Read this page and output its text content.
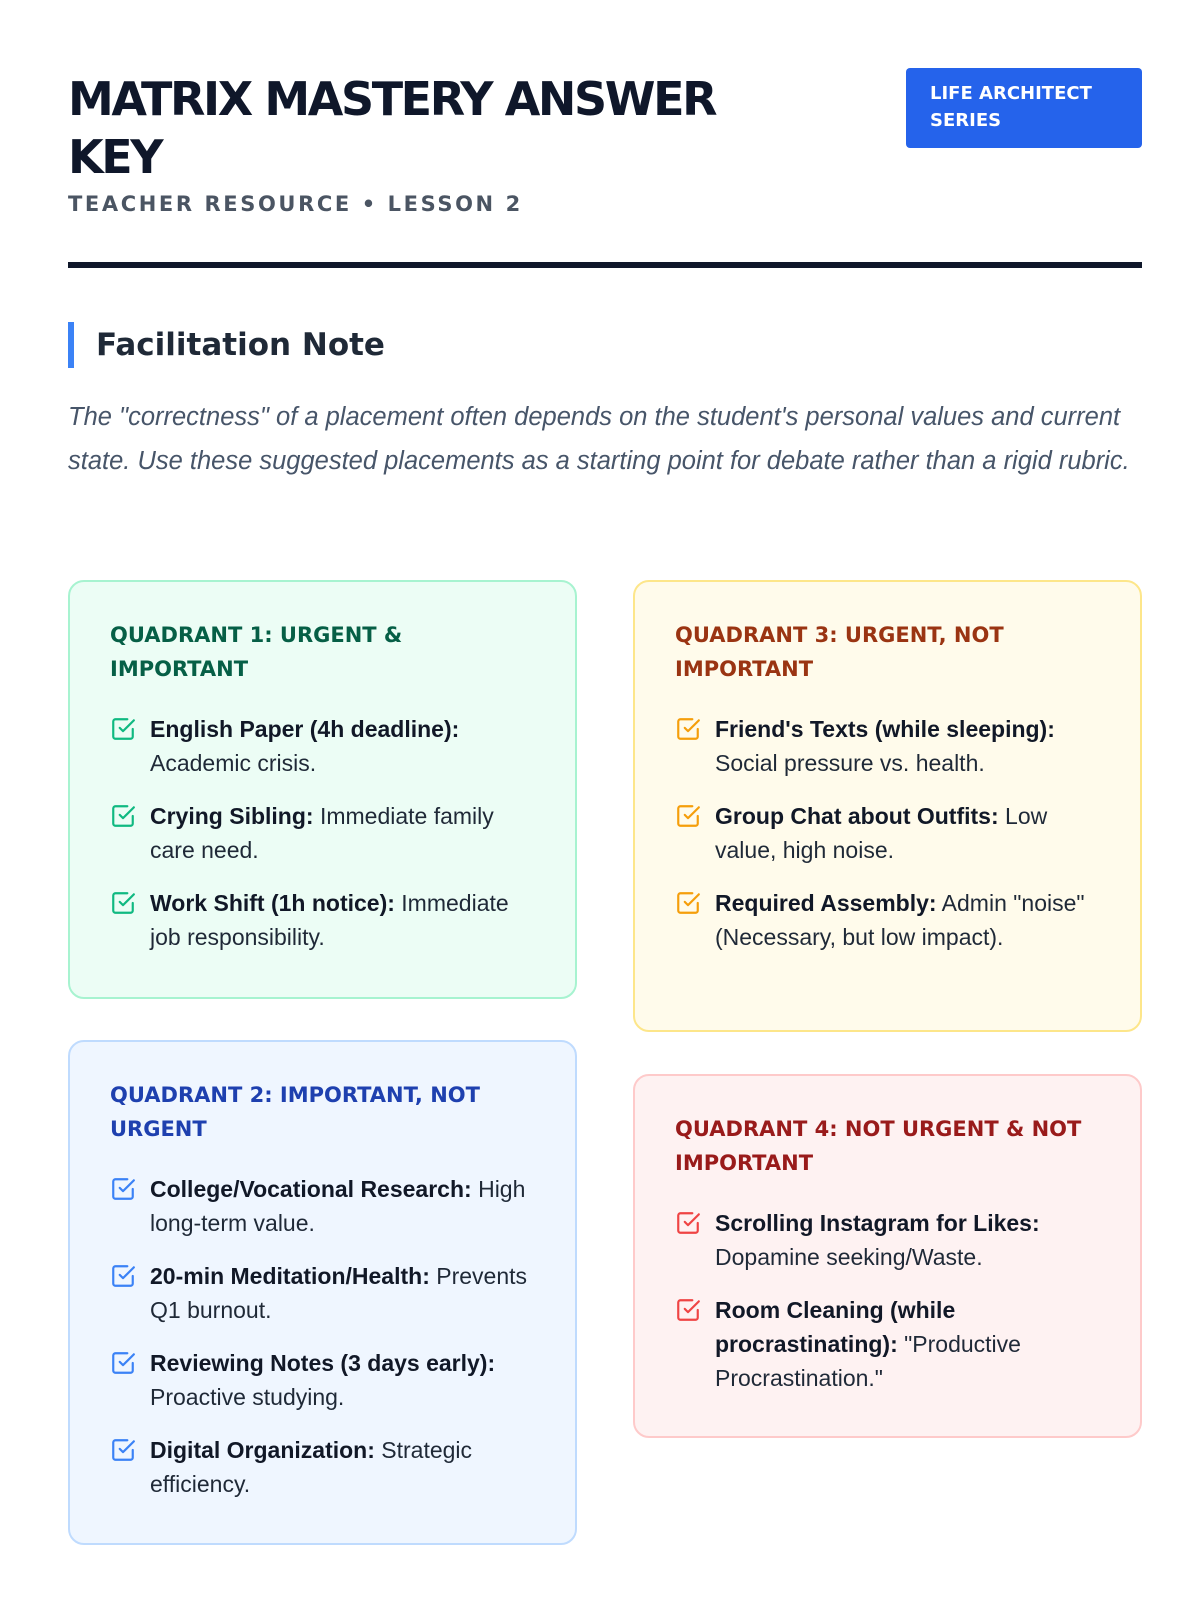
MATRIX MASTERY ANSWER KEY
TEACHER RESOURCE • LESSON 2
LIFE ARCHITECT SERIES
Facilitation Note

The "correctness" of a placement often depends on the student's personal values and current state. Use these suggested placements as a starting point for debate rather than a rigid rubric.

QUADRANT 1: URGENT & IMPORTANT
English Paper (4h deadline): Academic crisis.
Crying Sibling: Immediate family care need.
Work Shift (1h notice): Immediate job responsibility.
QUADRANT 3: URGENT, NOT IMPORTANT
Friend's Texts (while sleeping): Social pressure vs. health.
Group Chat about Outfits: Low value, high noise.
Required Assembly: Admin "noise" (Necessary, but low impact).
QUADRANT 2: IMPORTANT, NOT URGENT
College/Vocational Research: High long-term value.
20-min Meditation/Health: Prevents Q1 burnout.
Reviewing Notes (3 days early): Proactive studying.
Digital Organization: Strategic efficiency.
QUADRANT 4: NOT URGENT & NOT IMPORTANT
Scrolling Instagram for Likes: Dopamine seeking/Waste.
Room Cleaning (while procrastinating): "Productive Procrastination."
